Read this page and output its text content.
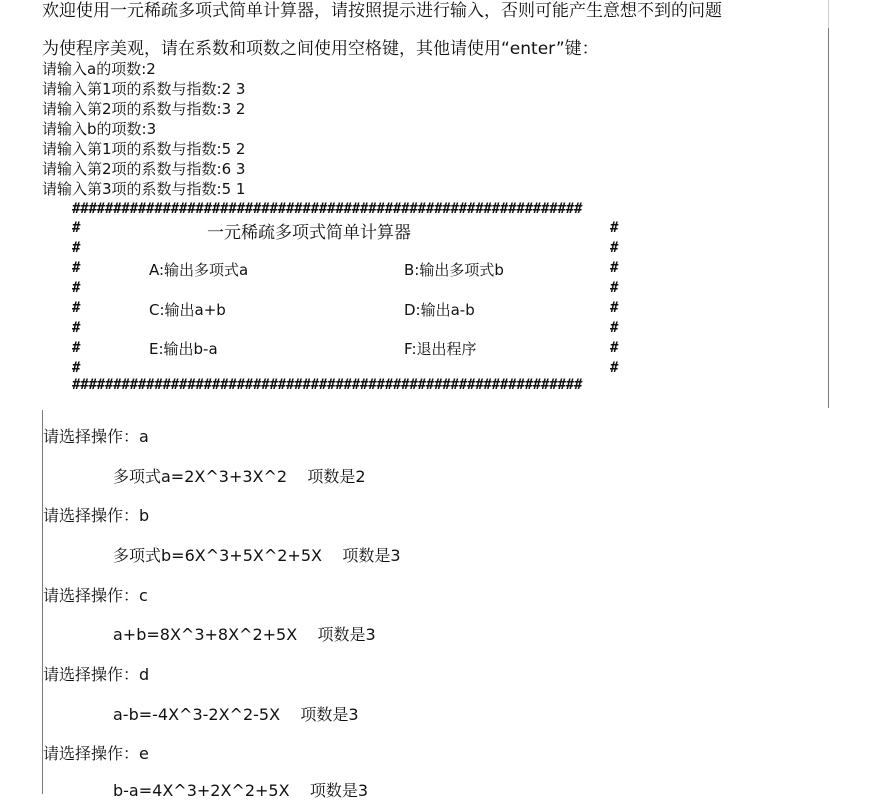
欢迎使用一元稀疏多项式简单计算器，请按照提示进行输入，否则可能产生意想不到的问题
为使程序美观，请在系数和项数之间使用空格键，其他请使用“enter”键：
请输入a的项数:2
请输入第1项的系数与指数:2 3
请输入第2项的系数与指数:3 2
请输入b的项数:3
请输入第1项的系数与指数:5 2
请输入第2项的系数与指数:6 3
请输入第3项的系数与指数:5 1
##############################################################
#
#
#
#
#
#
#
#
#
#
#
#
#
#
#
#
一元稀疏多项式简单计算器
A:输出多项式a	B:输出多项式b
C:输出a+b	D:输出a-b
E:输出b-a	F:退出程序
##############################################################
请选择操作：a
多项式a=2X^3+3X^2    项数是2
请选择操作：b
多项式b=6X^3+5X^2+5X    项数是3
请选择操作：c
a+b=8X^3+8X^2+5X    项数是3
请选择操作：d
a-b=-4X^3-2X^2-5X    项数是3
请选择操作：e
b-a=4X^3+2X^2+5X    项数是3
